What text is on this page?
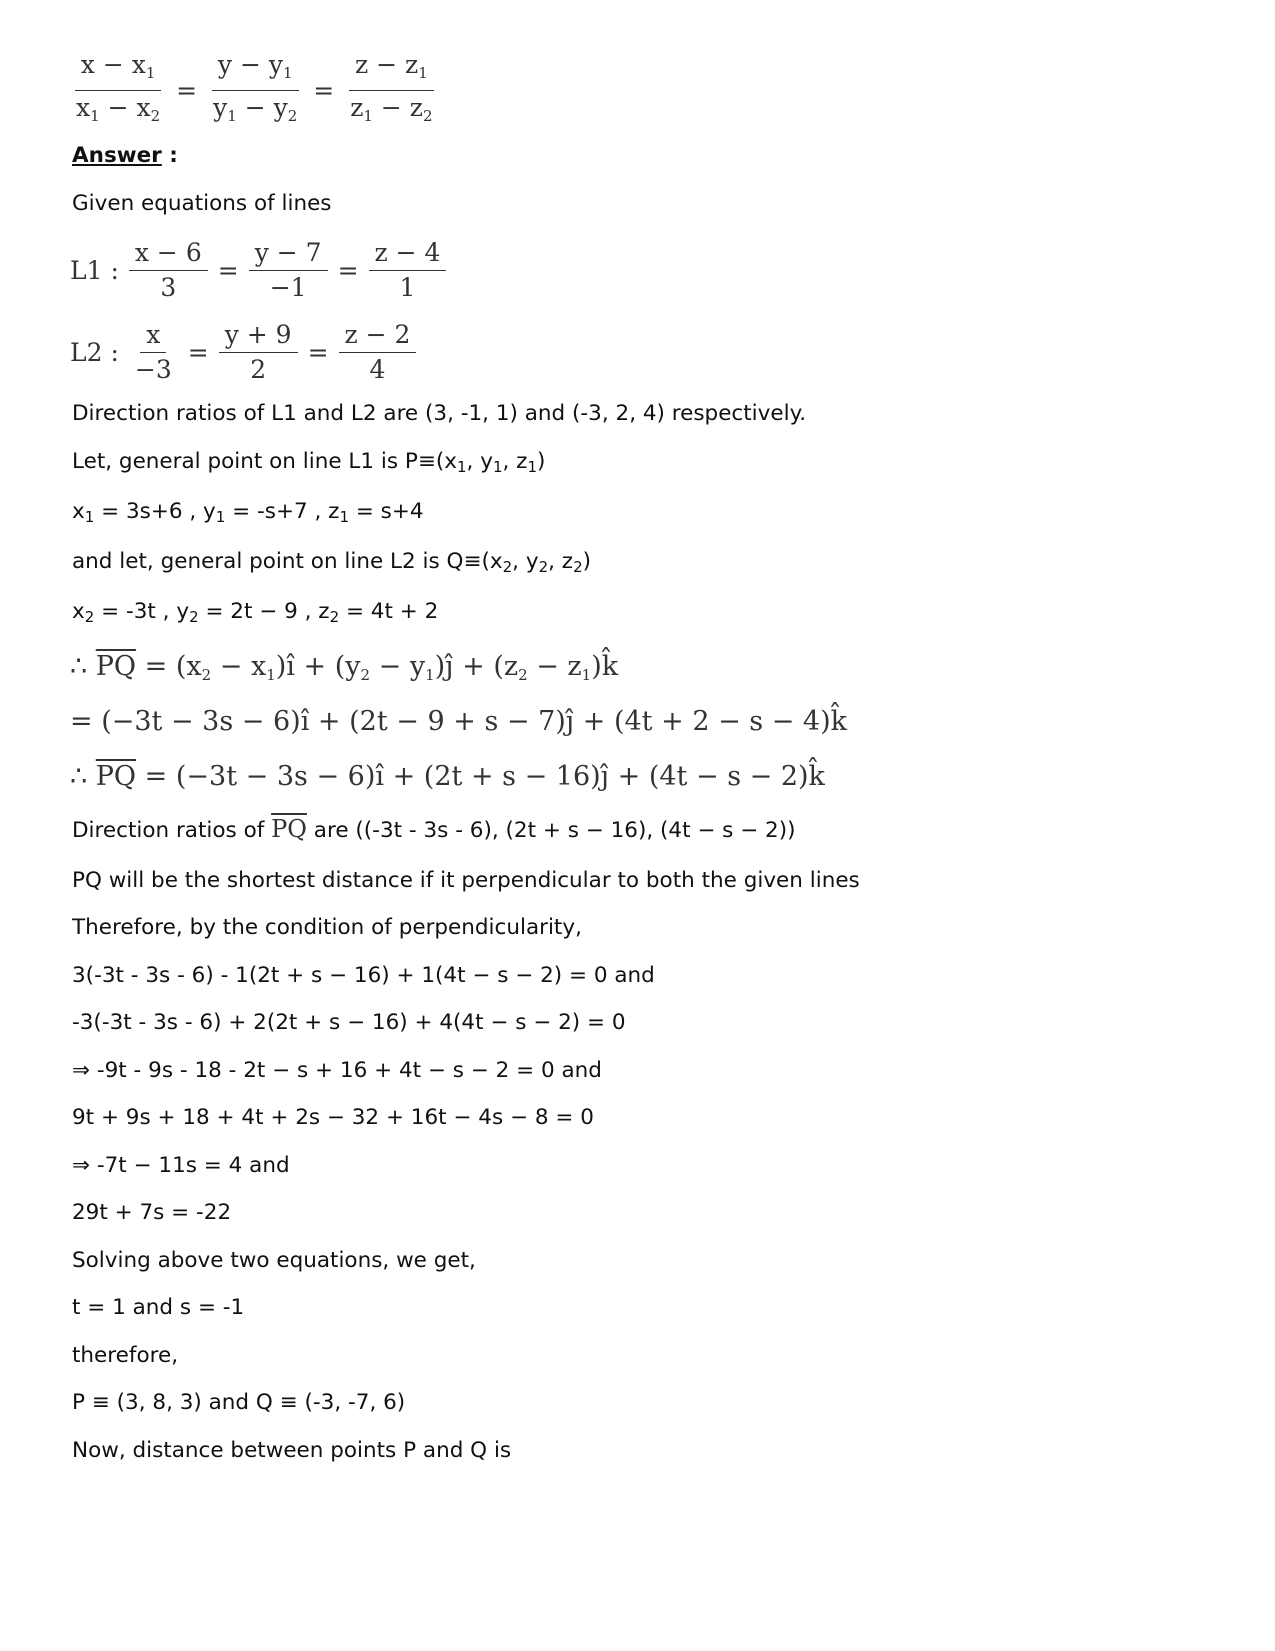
$\frac{x - x_1}{x_1 - x_2} = \frac{y - y_1}{y_1 - y_2} = \frac{z - z_1}{z_1 - z_2}$
Answer :
Given equations of lines
L1 : $\frac{x - 6}{3} = \frac{y - 7}{-1} = \frac{z - 4}{1}$
L2 : $\frac{x}{-3} = \frac{y + 9}{2} = \frac{z - 2}{4}$
Direction ratios of L1 and L2 are (3, -1, 1) and (-3, 2, 4) respectively.
Let, general point on line L1 is $P\equiv(x_1$, $y_1$, $z_1$)
$x_1 = 3s+6$ , $y_1 = -s+7$ , $z_1 = s+4$
and let, general point on line L2 is $Q\equiv(x_2$, $y_2$, $z_2$)
$x_2 = -3t$ , $y_2 = 2t - 9$ , $z_2 = 4t + 2$
∴ $\overline{PQ} = (x2$ − x1)î + (y2 − y1)ĵ + (z2 − z1)k̂
= (−3t − 3s − 6)î + (2t − 9 + s − 7)ĵ + (4t + 2 − s − 4)k̂
∴ $\overline{PQ} = (-3t - 3s$ − 6)î + (2t + s − 16)ĵ + (4t − s − 2)k̂
Direction ratios of $\overline{PQ}$ are ((-3t - 3s - 6), (2t + s − 16), (4t − s − 2))
PQ will be the shortest distance if it perpendicular to both the given lines
Therefore, by the condition of perpendicularity,
3(-3t - 3s - 6) - 1(2t + s − 16) + 1(4t − s − 2) = 0 and
-3(-3t - 3s - 6) + 2(2t + s − 16) + 4(4t − s − 2) = 0
⇒ -9t - 9s - 18 - 2t − s + 16 + 4t − s − 2 = 0 and
9t + 9s + 18 + 4t + 2s − 32 + 16t − 4s − 8 = 0
⇒ -7t − 11s = 4 and
29t + 7s = -22
Solving above two equations, we get,
t = 1 and s = -1
therefore,
P ≡ (3, 8, 3) and Q ≡ (-3, -7, 6)
Now, distance between points P and Q is
